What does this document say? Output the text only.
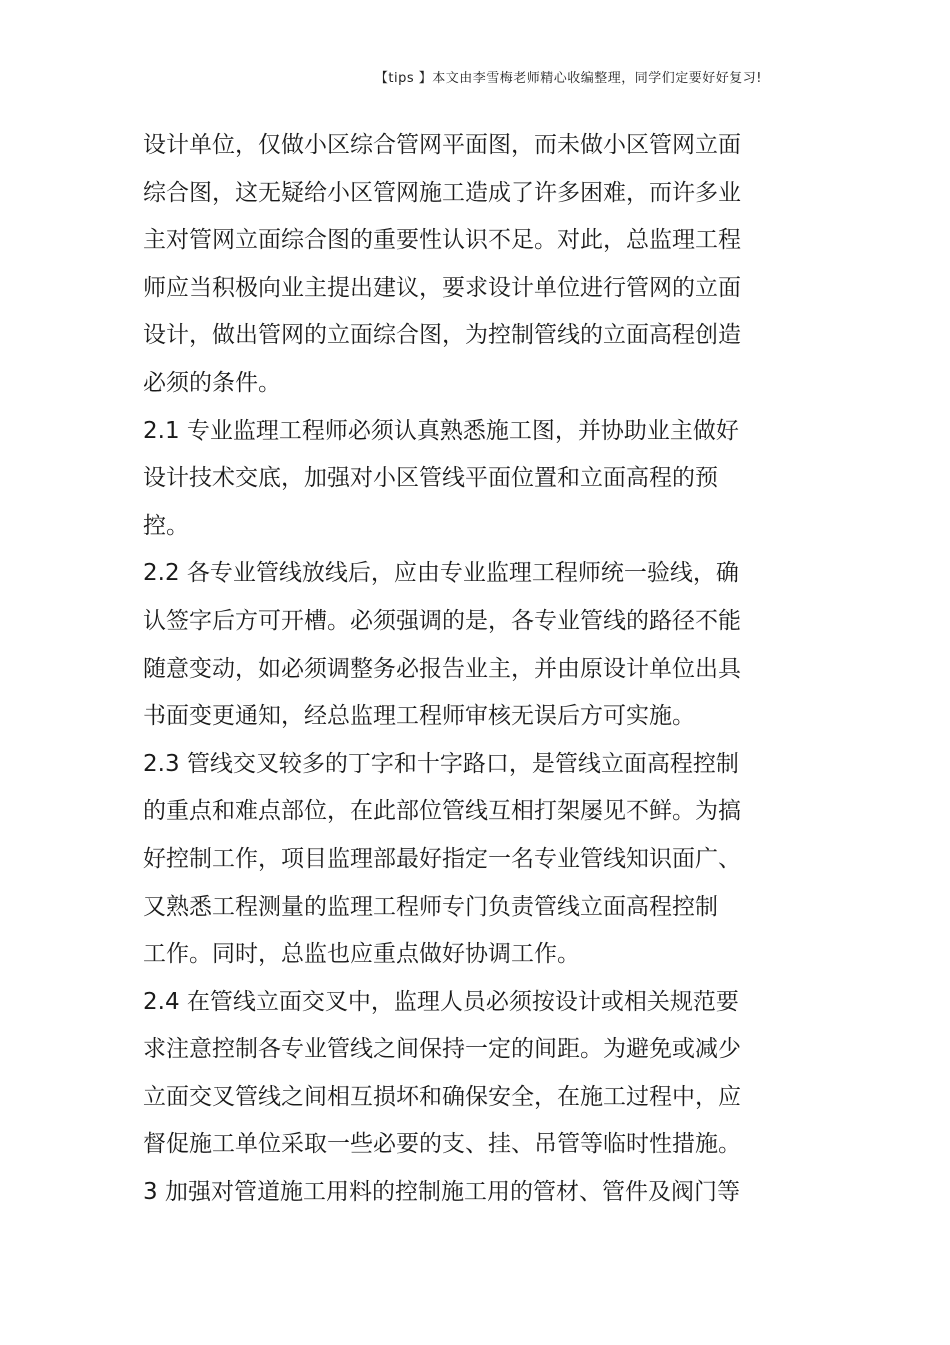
【tips 】本文由李雪梅老师精心收编整理，同学们定要好好复习!
设计单位，仅做小区综合管网平面图，而未做小区管网立面
综合图，这无疑给小区管网施工造成了许多困难，而许多业
主对管网立面综合图的重要性认识不足。对此，总监理工程
师应当积极向业主提出建议，要求设计单位进行管网的立面
设计，做出管网的立面综合图，为控制管线的立面高程创造
必须的条件。
2.1 专业监理工程师必须认真熟悉施工图，并协助业主做好
设计技术交底，加强对小区管线平面位置和立面高程的预
控。
2.2 各专业管线放线后，应由专业监理工程师统一验线，确
认签字后方可开槽。必须强调的是，各专业管线的路径不能
随意变动，如必须调整务必报告业主，并由原设计单位出具
书面变更通知，经总监理工程师审核无误后方可实施。
2.3 管线交叉较多的丁字和十字路口，是管线立面高程控制
的重点和难点部位，在此部位管线互相打架屡见不鲜。为搞
好控制工作，项目监理部最好指定一名专业管线知识面广、
又熟悉工程测量的监理工程师专门负责管线立面高程控制
工作。同时，总监也应重点做好协调工作。
2.4 在管线立面交叉中，监理人员必须按设计或相关规范要
求注意控制各专业管线之间保持一定的间距。为避免或减少
立面交叉管线之间相互损坏和确保安全，在施工过程中，应
督促施工单位采取一些必要的支、挂、吊管等临时性措施。
3 加强对管道施工用料的控制施工用的管材、管件及阀门等
